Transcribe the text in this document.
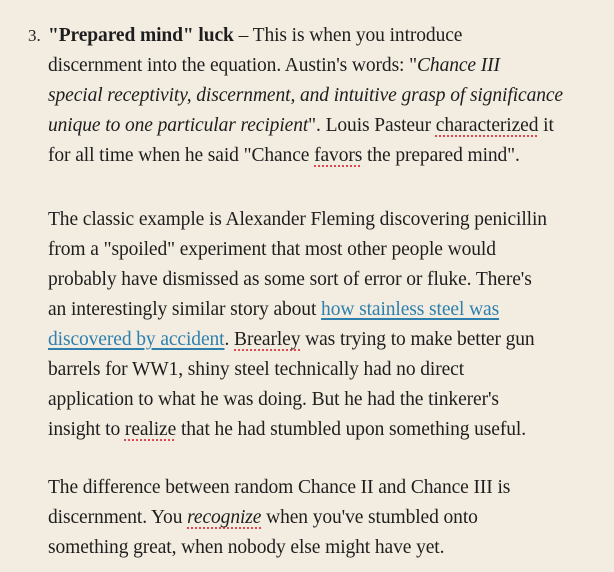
3. "Prepared mind" luck – This is when you introduce
discernment into the equation. Austin's words: "Chance III
special receptivity, discernment, and intuitive grasp of significance
unique to one particular recipient". Louis Pasteur characterized it
for all time when he said "Chance favors the prepared mind".
The classic example is Alexander Fleming discovering penicillin
from a "spoiled" experiment that most other people would
probably have dismissed as some sort of error or fluke. There's
an interestingly similar story about how stainless steel was
discovered by accident. Brearley was trying to make better gun
barrels for WW1, shiny steel technically had no direct
application to what he was doing. But he had the tinkerer's
insight to realize that he had stumbled upon something useful.
The difference between random Chance II and Chance III is
discernment. You recognize when you've stumbled onto
something great, when nobody else might have yet.
